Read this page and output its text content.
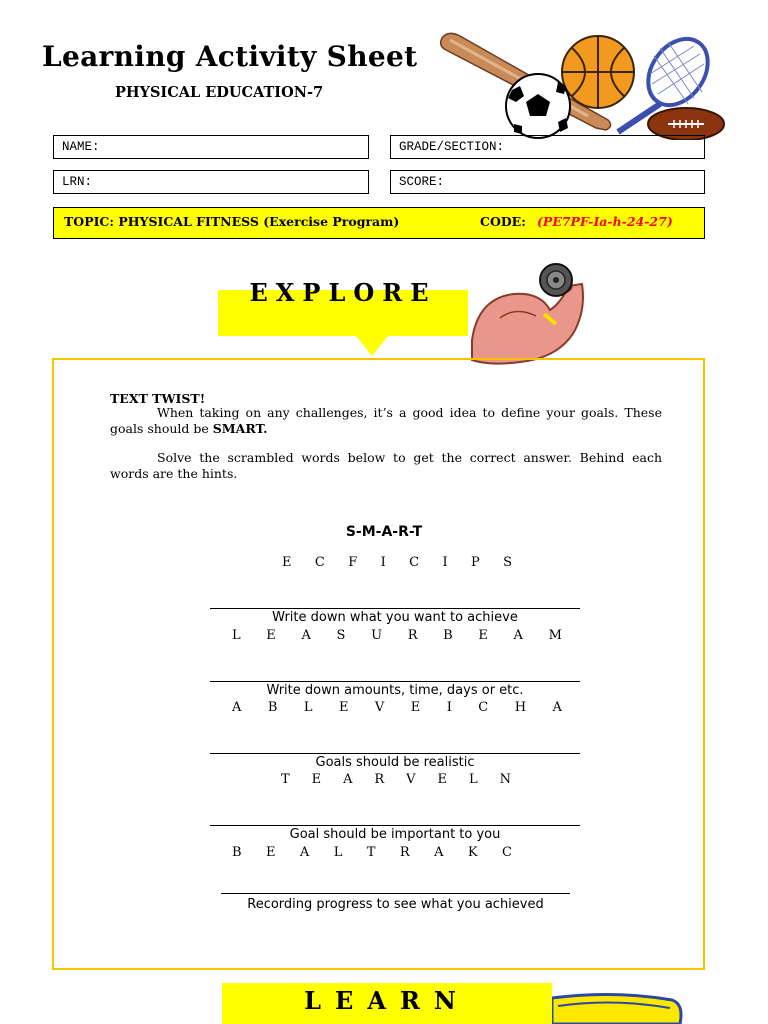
Learning Activity Sheet
PHYSICAL EDUCATION-7
NAME:	GRADE/SECTION:
LRN:	SCORE:
TOPIC: PHYSICAL FITNESS (Exercise Program)	CODE: (PE7PF-Ia-h-24-27)
EXPLORE
TEXT TWIST!
When taking on any challenges, it’s a good idea to define your goals. These goals should be SMART.
Solve the scrambled words below to get the correct answer. Behind each words are the hints.
S-M-A-R-T
E C F I C I P S
Write down what you want to achieve
L E A S U R B E A M
Write down amounts, time, days or etc.
A B L E V E I C H A
Goals should be realistic
T E A R V E L N
Goal should be important to you
B E A L T R A K C
Recording progress to see what you achieved
LEARN
